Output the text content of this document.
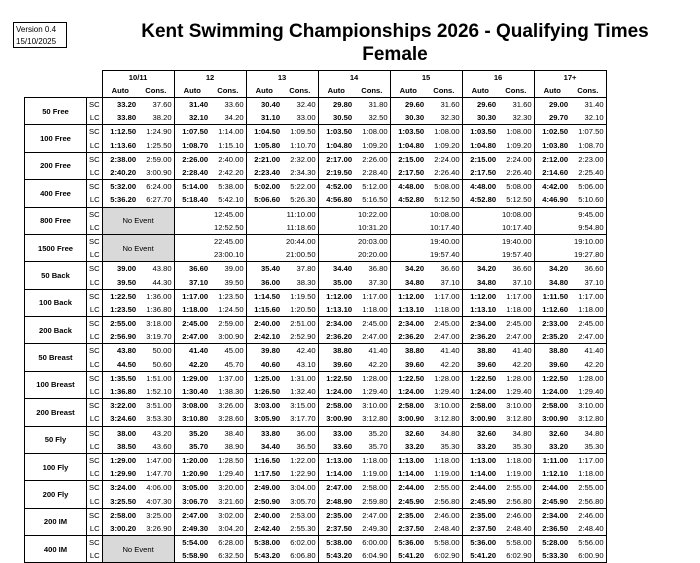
Version 0.4
15/10/2025	Kent Swimming Championships 2026 - Qualifying Times
Female
		10/11		12		13		14		15		16		17+	
		Auto	Cons.	Auto	Cons.	Auto	Cons.	Auto	Cons.	Auto	Cons.	Auto	Cons.	Auto	Cons.
50 Free	SC	33.20	37.60	31.40	33.60	30.40	32.40	29.80	31.80	29.60	31.60	29.60	31.60	29.00	31.40
	LC	33.80	38.20	32.10	34.20	31.10	33.00	30.50	32.50	30.30	32.30	30.30	32.30	29.70	32.10
100 Free	SC	1:12.50	1:24.90	1:07.50	1:14.00	1:04.50	1:09.50	1:03.50	1:08.00	1:03.50	1:08.00	1:03.50	1:08.00	1:02.50	1:07.50
	LC	1:13.60	1:25.50	1:08.70	1:15.10	1:05.80	1:10.70	1:04.80	1:09.20	1:04.80	1:09.20	1:04.80	1:09.20	1:03.80	1:08.70
200 Free	SC	2:38.00	2:59.00	2:26.00	2:40.00	2:21.00	2:32.00	2:17.00	2:26.00	2:15.00	2:24.00	2:15.00	2:24.00	2:12.00	2:23.00
	LC	2:40.20	3:00.90	2:28.40	2:42.20	2:23.40	2:34.30	2:19.50	2:28.40	2:17.50	2:26.40	2:17.50	2:26.40	2:14.60	2:25.40
400 Free	SC	5:32.00	6:24.00	5:14.00	5:38.00	5:02.00	5:22.00	4:52.00	5:12.00	4:48.00	5:08.00	4:48.00	5:08.00	4:42.00	5:06.00
	LC	5:36.20	6:27.70	5:18.40	5:42.10	5:06.60	5:26.30	4:56.80	5:16.50	4:52.80	5:12.50	4:52.80	5:12.50	4:46.90	5:10.60
800 Free	SC	No Event			12:45.00		11:10.00		10:22.00		10:08.00		10:08.00		9:45.00
	LC				12:52.50		11:18.60		10:31.20		10:17.40		10:17.40		9:54.80
1500 Free	SC	No Event			22:45.00		20:44.00		20:03.00		19:40.00		19:40.00		19:10.00
	LC				23:00.10		21:00.50		20:20.00		19:57.40		19:57.40		19:27.80
50 Back	SC	39.00	43.80	36.60	39.00	35.40	37.80	34.40	36.80	34.20	36.60	34.20	36.60	34.20	36.60
	LC	39.50	44.30	37.10	39.50	36.00	38.30	35.00	37.30	34.80	37.10	34.80	37.10	34.80	37.10
100 Back	SC	1:22.50	1:36.00	1:17.00	1:23.50	1:14.50	1:19.50	1:12.00	1:17.00	1:12.00	1:17.00	1:12.00	1:17.00	1:11.50	1:17.00
	LC	1:23.50	1:36.80	1:18.00	1:24.50	1:15.60	1:20.50	1:13.10	1:18.00	1:13.10	1:18.00	1:13.10	1:18.00	1:12.60	1:18.00
200 Back	SC	2:55.00	3:18.00	2:45.00	2:59.00	2:40.00	2:51.00	2:34.00	2:45.00	2:34.00	2:45.00	2:34.00	2:45.00	2:33.00	2:45.00
	LC	2:56.90	3:19.70	2:47.00	3:00.90	2:42.10	2:52.90	2:36.20	2:47.00	2:36.20	2:47.00	2:36.20	2:47.00	2:35.20	2:47.00
50 Breast	SC	43.80	50.00	41.40	45.00	39.80	42.40	38.80	41.40	38.80	41.40	38.80	41.40	38.80	41.40
	LC	44.50	50.60	42.20	45.70	40.60	43.10	39.60	42.20	39.60	42.20	39.60	42.20	39.60	42.20
100 Breast	SC	1:35.50	1:51.00	1:29.00	1:37.00	1:25.00	1:31.00	1:22.50	1:28.00	1:22.50	1:28.00	1:22.50	1:28.00	1:22.50	1:28.00
	LC	1:36.80	1:52.10	1:30.40	1:38.30	1:26.50	1:32.40	1:24.00	1:29.40	1:24.00	1:29.40	1:24.00	1:29.40	1:24.00	1:29.40
200 Breast	SC	3:22.00	3:51.00	3:08.00	3:26.00	3:03.00	3:15.00	2:58.00	3:10.00	2:58.00	3:10.00	2:58.00	3:10.00	2:58.00	3:10.00
	LC	3:24.60	3:53.30	3:10.80	3:28.60	3:05.90	3:17.70	3:00.90	3:12.80	3:00.90	3:12.80	3:00.90	3:12.80	3:00.90	3:12.80
50 Fly	SC	38.00	43.20	35.20	38.40	33.80	36.00	33.00	35.20	32.60	34.80	32.60	34.80	32.60	34.80
	LC	38.50	43.60	35.70	38.90	34.40	36.50	33.60	35.70	33.20	35.30	33.20	35.30	33.20	35.30
100 Fly	SC	1:29.00	1:47.00	1:20.00	1:28.50	1:16.50	1:22.00	1:13.00	1:18.00	1:13.00	1:18.00	1:13.00	1:18.00	1:11.00	1:17.00
	LC	1:29.90	1:47.70	1:20.90	1:29.40	1:17.50	1:22.90	1:14.00	1:19.00	1:14.00	1:19.00	1:14.00	1:19.00	1:12.10	1:18.00
200 Fly	SC	3:24.00	4:06.00	3:05.00	3:20.00	2:49.00	3:04.00	2:47.00	2:58.00	2:44.00	2:55.00	2:44.00	2:55.00	2:44.00	2:55.00
	LC	3:25.50	4:07.30	3:06.70	3:21.60	2:50.90	3:05.70	2:48.90	2:59.80	2:45.90	2:56.80	2:45.90	2:56.80	2:45.90	2:56.80
200 IM	SC	2:58.00	3:25.00	2:47.00	3:02.00	2:40.00	2:53.00	2:35.00	2:47.00	2:35.00	2:46.00	2:35.00	2:46.00	2:34.00	2:46.00
	LC	3:00.20	3:26.90	2:49.30	3:04.20	2:42.40	2:55.30	2:37.50	2:49.30	2:37.50	2:48.40	2:37.50	2:48.40	2:36.50	2:48.40
400 IM	SC	No Event		5:54.00	6:28.00	5:38.00	6:02.00	5:38.00	6:00.00	5:36.00	5:58.00	5:36.00	5:58.00	5:28.00	5:56.00
	LC			5:58.90	6:32.50	5:43.20	6:06.80	5:43.20	6:04.90	5:41.20	6:02.90	5:41.20	6:02.90	5:33.30	6:00.90
